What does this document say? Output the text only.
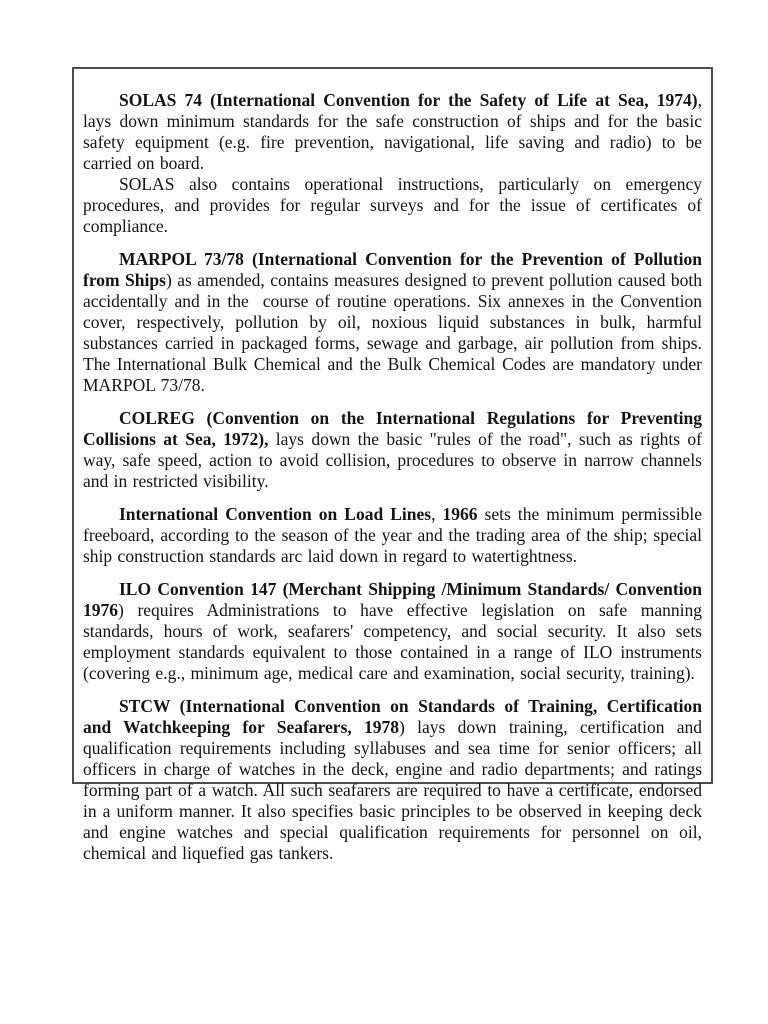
SOLAS 74 (International Convention for the Safety of Life at Sea, 1974), lays down minimum standards for the safe construction of ships and for the basic safety equipment (e.g. fire prevention, navigational, life saving and radio) to be carried on board.

SOLAS also contains operational instructions, particularly on emergency procedures, and provides for regular surveys and for the issue of certificates of compliance.

MARPOL 73/78 (International Convention for the Prevention of Pollution from Ships) as amended, contains measures designed to prevent pollution caused both accidentally and in the  course of routine operations. Six annexes in the Convention cover, respectively, pollution by oil, noxious liquid substances in bulk, harmful substances carried in packaged forms, sewage and garbage, air pollution from ships. The International Bulk Chemical and the Bulk Chemical Codes are mandatory under MARPOL 73/78.

COLREG (Convention on the International Regulations for Preventing Collisions at Sea, 1972), lays down the basic "rules of the road", such as rights of way, safe speed, action to avoid collision, procedures to observe in narrow channels and in restricted visibility.

International Convention on Load Lines, 1966 sets the minimum permissible freeboard, according to the season of the year and the trading area of the ship; special ship construction standards arc laid down in regard to watertightness.

ILO Convention 147 (Merchant Shipping /Minimum Standards/ Convention 1976) requires Administrations to have effective legislation on safe manning standards, hours of work, seafarers' competency, and social security. It also sets employment standards equivalent to those contained in a range of ILO instruments (covering e.g., minimum age, medical care and examination, social security, training).

STCW (International Convention on Standards of Training, Certification and Watchkeeping for Seafarers, 1978) lays down training, certification and qualification requirements including syllabuses and sea time for senior officers; all officers in charge of watches in the deck, engine and radio departments; and ratings forming part of a watch. All such seafarers are required to have a certificate, endorsed in a uniform manner. It also specifies basic principles to be observed in keeping deck and engine watches and special qualification requirements for personnel on oil, chemical and liquefied gas tankers.
